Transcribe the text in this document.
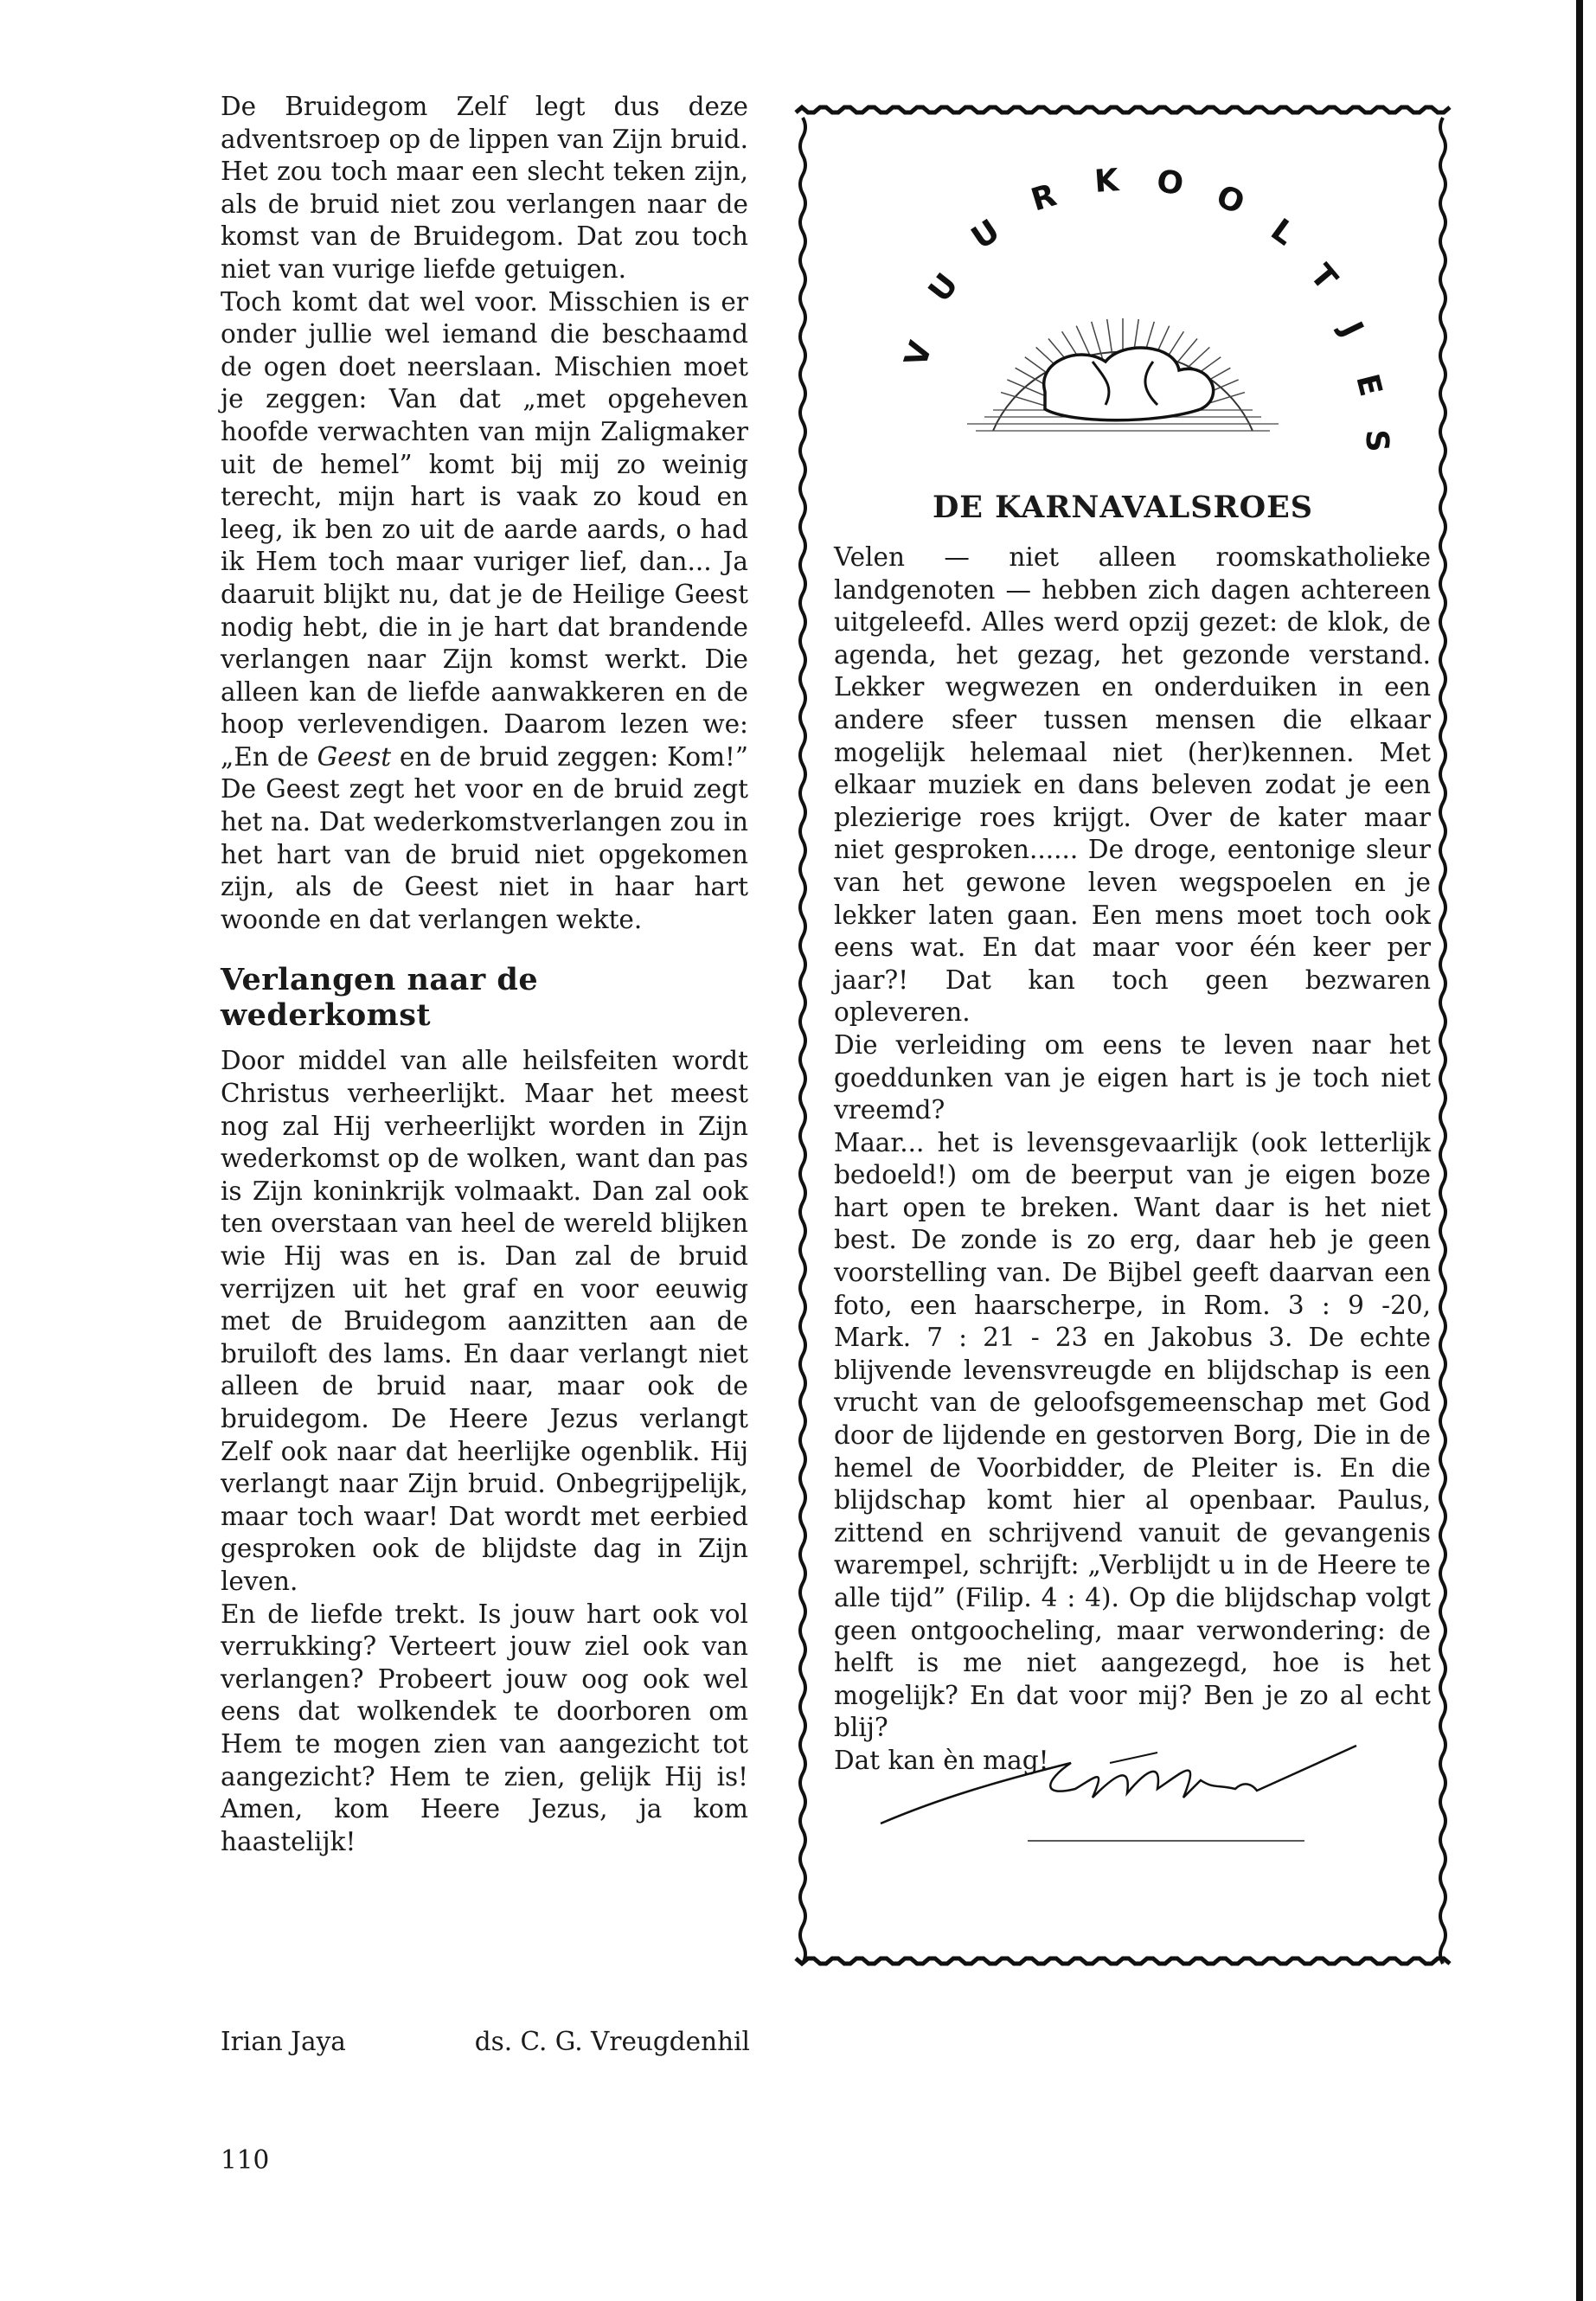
De Bruidegom Zelf legt dus deze adventsroep op de lippen van Zijn bruid. Het zou toch maar een slecht teken zijn, als de bruid niet zou verlangen naar de komst van de Bruidegom. Dat zou toch niet van vurige liefde getuigen.

Toch komt dat wel voor. Misschien is er onder jullie wel iemand die beschaamd de ogen doet neerslaan. Mischien moet je zeggen: Van dat „met opgeheven hoofde verwachten van mijn Zaligmaker uit de hemel” komt bij mij zo weinig terecht, mijn hart is vaak zo koud en leeg, ik ben zo uit de aarde aards, o had ik Hem toch maar vuriger lief, dan... Ja daaruit blijkt nu, dat je de Heilige Geest nodig hebt, die in je hart dat brandende verlangen naar Zijn komst werkt. Die alleen kan de liefde aanwakkeren en de hoop verlevendigen. Daarom lezen we: „En de Geest en de bruid zeggen: Kom!” De Geest zegt het voor en de bruid zegt het na. Dat wederkomstverlangen zou in het hart van de bruid niet opgekomen zijn, als de Geest niet in haar hart woonde en dat verlangen wekte.

Verlangen naar de wederkomst

Door middel van alle heilsfeiten wordt Christus verheerlijkt. Maar het meest nog zal Hij verheerlijkt worden in Zijn wederkomst op de wolken, want dan pas is Zijn koninkrijk volmaakt. Dan zal ook ten overstaan van heel de wereld blijken wie Hij was en is. Dan zal de bruid verrijzen uit het graf en voor eeuwig met de Bruidegom aanzitten aan de bruiloft des lams. En daar verlangt niet alleen de bruid naar, maar ook de bruidegom. De Heere Jezus verlangt Zelf ook naar dat heerlijke ogenblik. Hij verlangt naar Zijn bruid. Onbegrijpelijk, maar toch waar! Dat wordt met eerbied gesproken ook de blijdste dag in Zijn leven.

En de liefde trekt. Is jouw hart ook vol verrukking? Verteert jouw ziel ook van verlangen? Probeert jouw oog ook wel eens dat wolkendek te doorboren om Hem te mogen zien van aangezicht tot aangezicht? Hem te zien, gelijk Hij is! Amen, kom Heere Jezus, ja kom haastelijk!

Irian Jaya	ds. C. G. Vreugdenhil
110
V
U
U
R K O O
L
T
J
E
S
DE KARNAVALSROES

Velen — niet alleen roomskatholieke landgenoten — hebben zich dagen achtereen uitgeleefd. Alles werd opzij gezet: de klok, de agenda, het gezag, het gezonde verstand. Lekker wegwezen en onderduiken in een andere sfeer tussen mensen die elkaar mogelijk helemaal niet (her)kennen. Met elkaar muziek en dans beleven zodat je een plezierige roes krijgt. Over de kater maar niet gesproken...... De droge, eentonige sleur van het gewone leven wegspoelen en je lekker laten gaan. Een mens moet toch ook eens wat. En dat maar voor één keer per jaar?! Dat kan toch geen bezwaren opleveren.

Die verleiding om eens te leven naar het goeddunken van je eigen hart is je toch niet vreemd?

Maar... het is levensgevaarlijk (ook letterlijk bedoeld!) om de beerput van je eigen boze hart open te breken. Want daar is het niet best. De zonde is zo erg, daar heb je geen voorstelling van. De Bijbel geeft daarvan een foto, een haarscherpe, in Rom. 3 : 9 -20, Mark. 7 : 21 - 23 en Jakobus 3. De echte blijvende levensvreugde en blijdschap is een vrucht van de geloofsgemeenschap met God door de lijdende en gestorven Borg, Die in de hemel de Voorbidder, de Pleiter is. En die blijdschap komt hier al openbaar. Paulus, zittend en schrijvend vanuit de gevangenis warempel, schrijft: „Verblijdt u in de Heere te alle tijd” (Filip. 4 : 4). Op die blijdschap volgt geen ontgoocheling, maar verwondering: de helft is me niet aangezegd, hoe is het mogelijk? En dat voor mij? Ben je zo al echt blij?

Dat kan èn mag!
